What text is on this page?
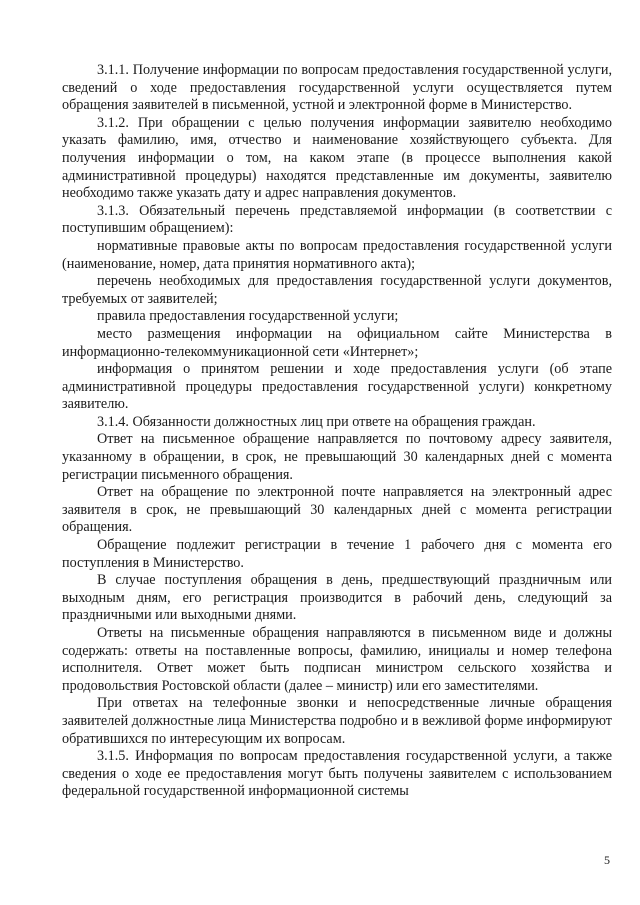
3.1.1. Получение информации по вопросам предоставления государственной услуги, сведений о ходе предоставления государственной услуги осуществляется путем обращения заявителей в письменной, устной и электронной форме в Министерство.

3.1.2. При обращении с целью получения информации заявителю необходимо указать фамилию, имя, отчество и наименование хозяйствующего субъекта. Для получения информации о том, на каком этапе (в процессе выполнения какой административной процедуры) находятся представленные им документы, заявителю необходимо также указать дату и адрес направления документов.

3.1.3. Обязательный перечень представляемой информации (в соответствии с поступившим обращением):

нормативные правовые акты по вопросам предоставления государственной услуги (наименование, номер, дата принятия нормативного акта);

перечень необходимых для предоставления государственной услуги документов, требуемых от заявителей;

правила предоставления государственной услуги;

место размещения информации на официальном сайте Министерства в информационно-телекоммуникационной сети «Интернет»;

информация о принятом решении и ходе предоставления услуги (об этапе административной процедуры предоставления государственной услуги) конкретному заявителю.

3.1.4. Обязанности должностных лиц при ответе на обращения граждан.

Ответ на письменное обращение направляется по почтовому адресу заявителя, указанному в обращении, в срок, не превышающий 30 календарных дней с момента регистрации письменного обращения.

Ответ на обращение по электронной почте направляется на электронный адрес заявителя в срок, не превышающий 30 календарных дней с момента регистрации обращения.

Обращение подлежит регистрации в течение 1 рабочего дня с момента его поступления в Министерство.

В случае поступления обращения в день, предшествующий праздничным или выходным дням, его регистрация производится в рабочий день, следующий за праздничными или выходными днями.

Ответы на письменные обращения направляются в письменном виде и должны содержать: ответы на поставленные вопросы, фамилию, инициалы и номер телефона исполнителя. Ответ может быть подписан министром сельского хозяйства и продовольствия Ростовской области (далее – министр) или его заместителями.

При ответах на телефонные звонки и непосредственные личные обращения заявителей должностные лица Министерства подробно и в вежливой форме информируют обратившихся по интересующим их вопросам.

3.1.5. Информация по вопросам предоставления государственной услуги, а также сведения о ходе ее предоставления могут быть получены заявителем с использованием федеральной государственной информационной системы

5
